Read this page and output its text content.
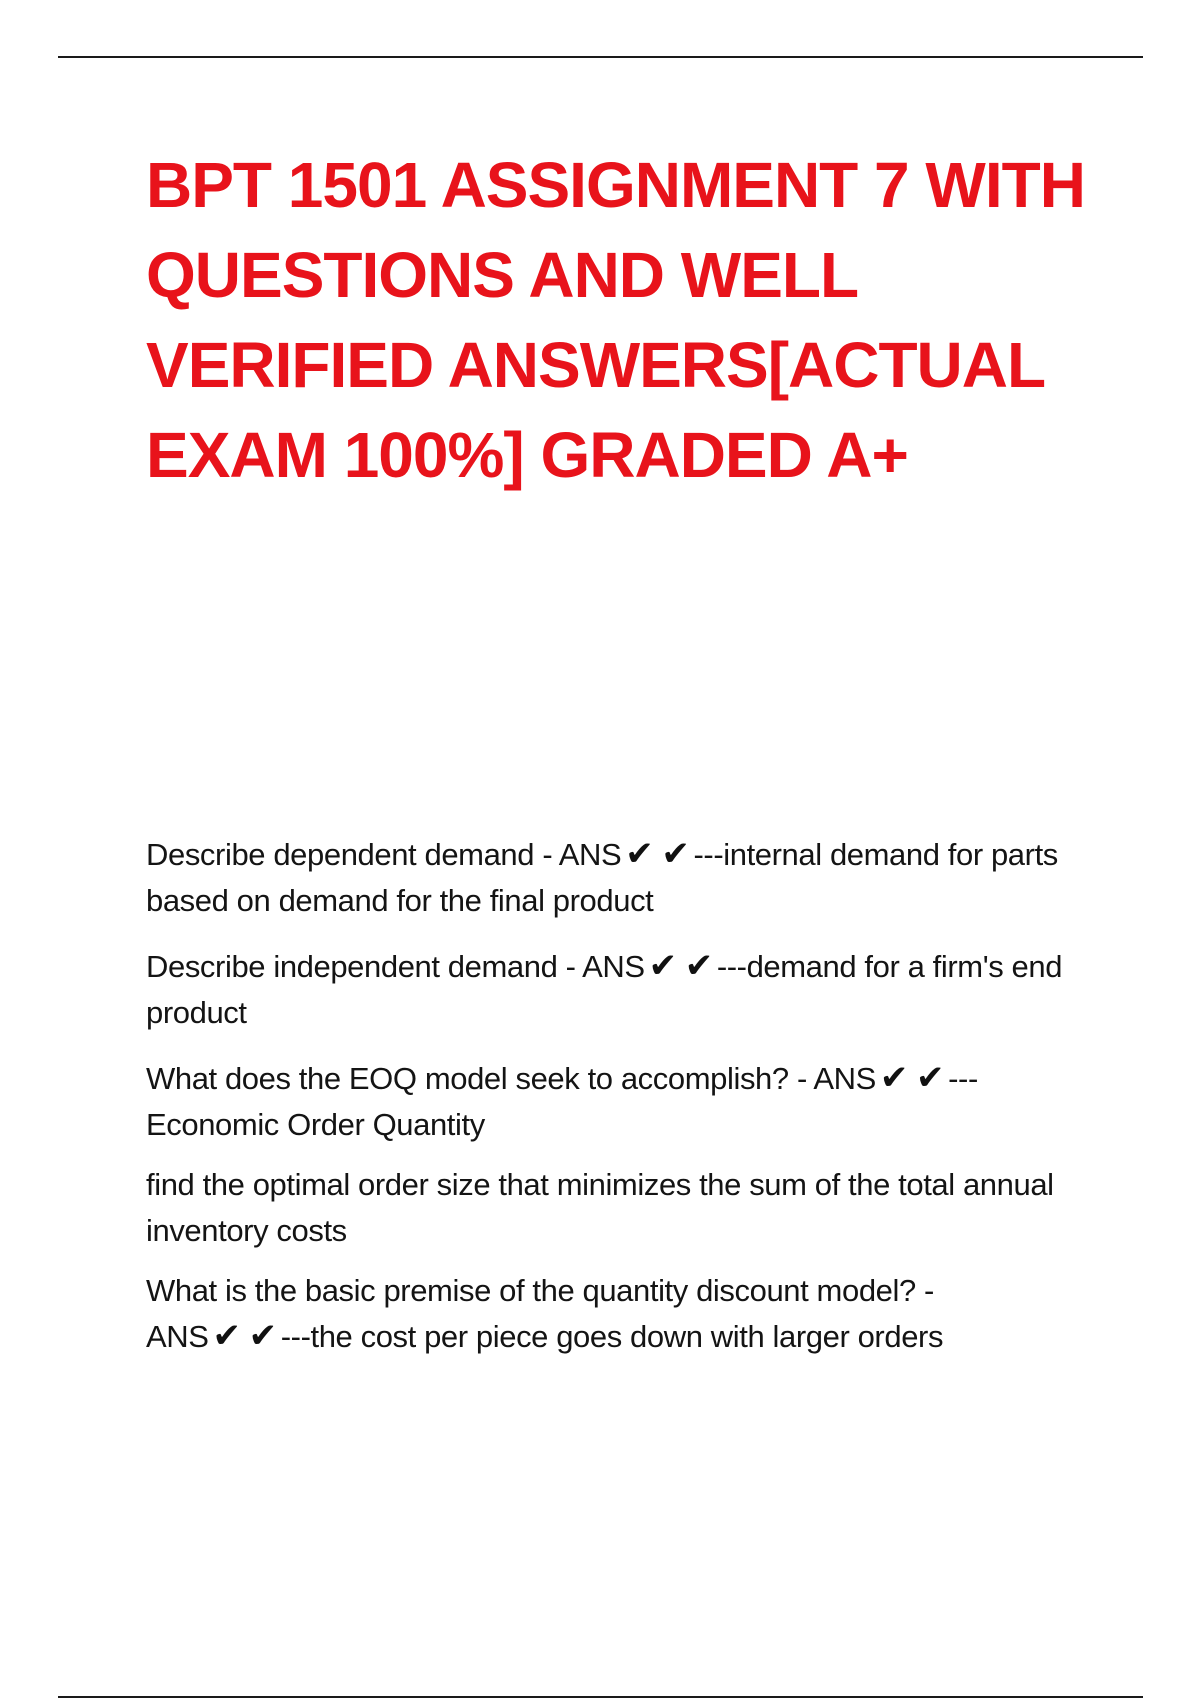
BPT 1501 ASSIGNMENT 7 WITH
QUESTIONS AND WELL
VERIFIED ANSWERS[ACTUAL
EXAM 100%] GRADED A+
Describe dependent demand - ANS ✔ ✔ ---internal demand for parts
based on demand for the final product
Describe independent demand - ANS ✔ ✔ ---demand for a firm's end
product
What does the EOQ model seek to accomplish? - ANS ✔ ✔ ---
Economic Order Quantity
find the optimal order size that minimizes the sum of the total annual
inventory costs
What is the basic premise of the quantity discount model? -
ANS ✔ ✔ ---the cost per piece goes down with larger orders
